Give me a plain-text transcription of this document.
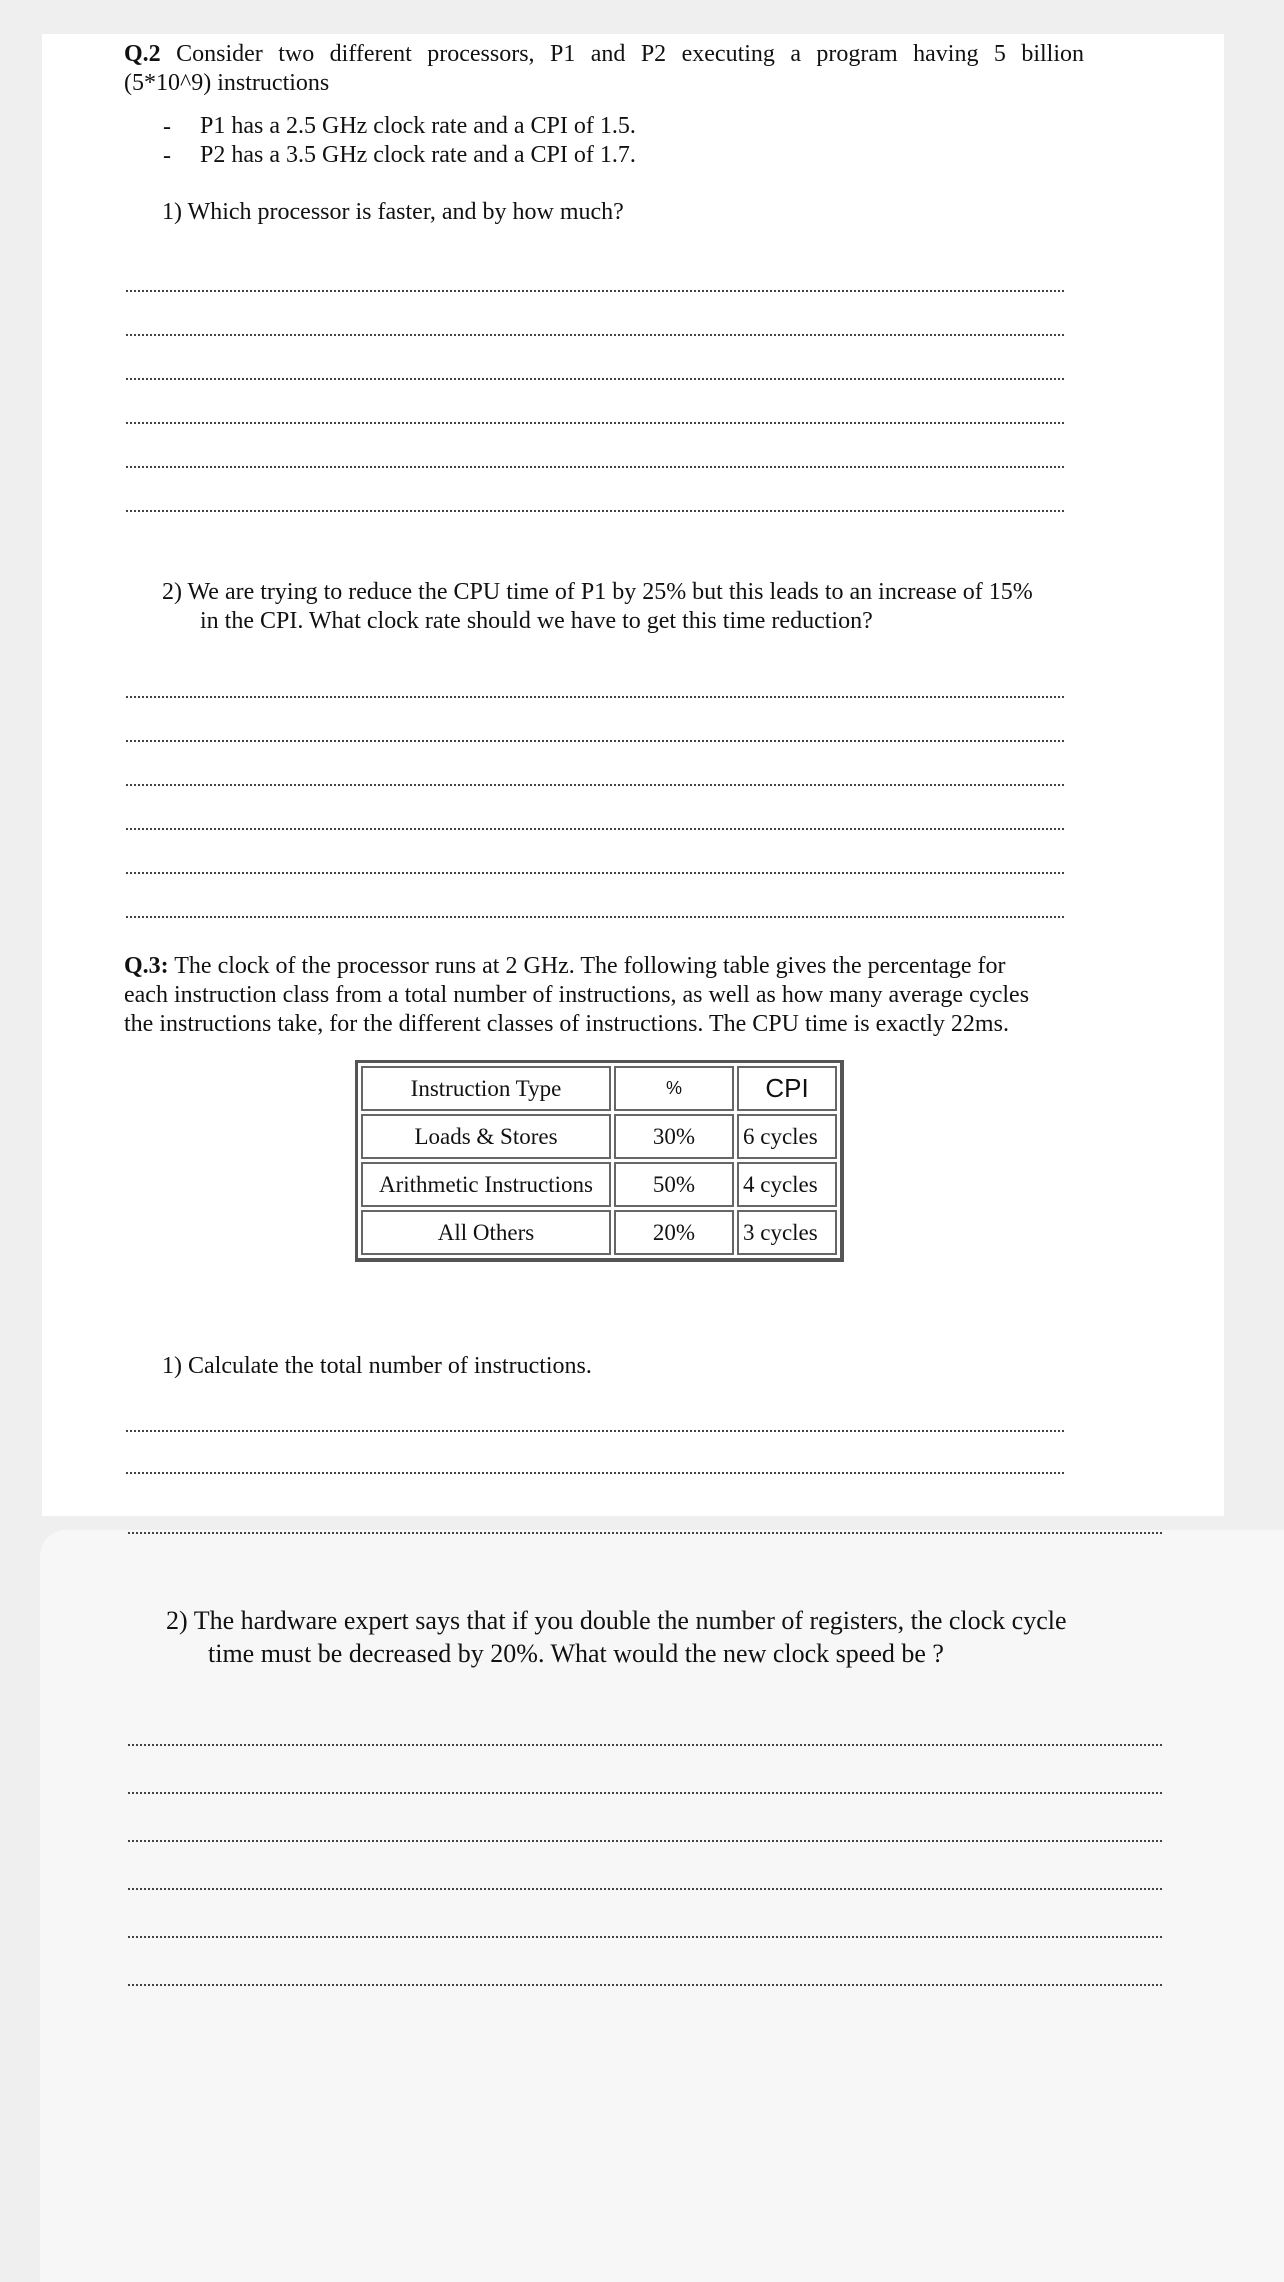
Q.2 Consider two different processors, P1 and P2 executing a program having 5 billion
(5*10^9) instructions
- P1 has a 2.5 GHz clock rate and a CPI of 1.5.
- P2 has a 3.5 GHz clock rate and a CPI of 1.7.
1) Which processor is faster, and by how much?
2) We are trying to reduce the CPU time of P1 by 25% but this leads to an increase of 15%
in the CPI. What clock rate should we have to get this time reduction?
Q.3: The clock of the processor runs at 2 GHz. The following table gives the percentage for
each instruction class from a total number of instructions, as well as how many average cycles
the instructions take, for the different classes of instructions. The CPU time is exactly 22ms.
Instruction Type	%	CPI
Loads & Stores	30%	6 cycles
Arithmetic Instructions	50%	4 cycles
All Others	20%	3 cycles
1) Calculate the total number of instructions.
2) The hardware expert says that if you double the number of registers, the clock cycle
time must be decreased by 20%. What would the new clock speed be ?
